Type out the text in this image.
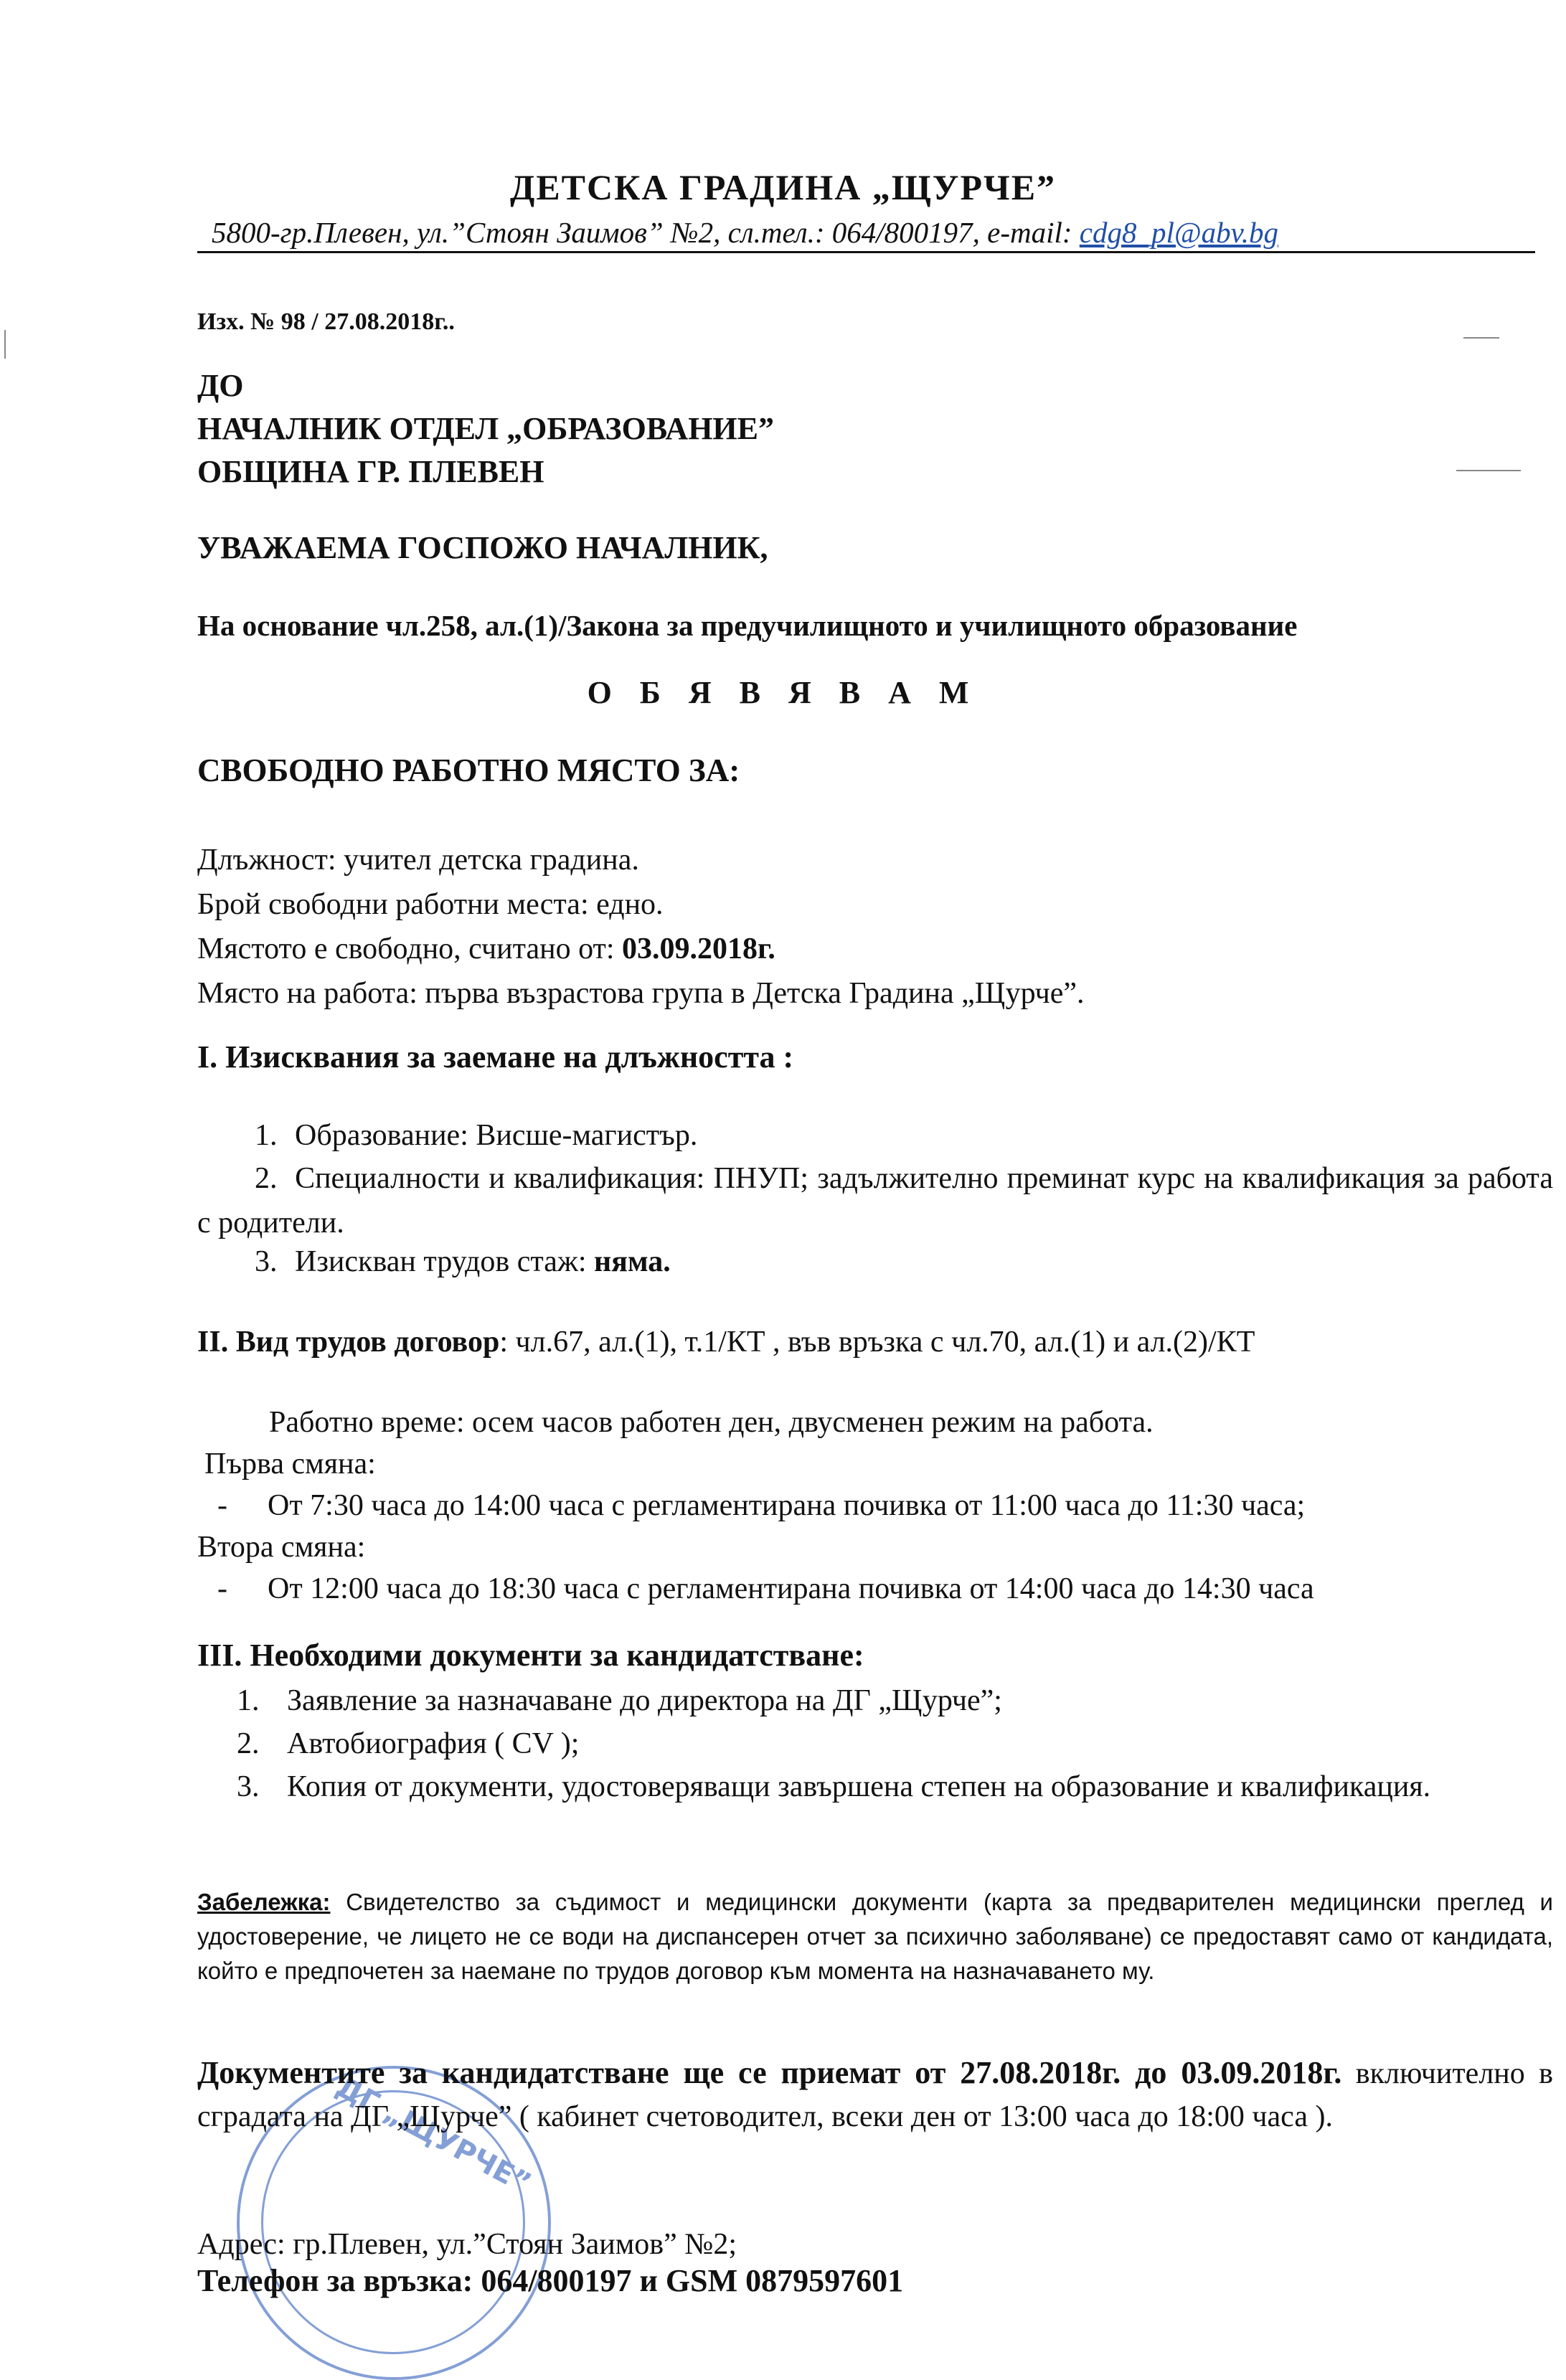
ДЕТСКА ГРАДИНА „ЩУРЧЕ”
5800-гр.Плевен, ул.”Стоян Заимов” №2, сл.тел.: 064/800197, e-mail: cdg8_pl@abv.bg
Изх. № 98 / 27.08.2018г..
ДО
НАЧАЛНИК ОТДЕЛ „ОБРАЗОВАНИЕ”
ОБЩИНА ГР. ПЛЕВЕН
УВАЖАЕМА ГОСПОЖО НАЧАЛНИК,
На основание чл.258, ал.(1)/Закона за предучилищното и училищното образование
О Б Я В Я В А М
СВОБОДНО РАБОТНО МЯСТО ЗА:
Длъжност: учител детска градина.
Брой свободни работни места: едно.
Мястото е свободно, считано от: 03.09.2018г.
Място на работа: първа възрастова група в Детска Градина „Щурче”.
I. Изисквания за заемане на длъжността :
1. Образование: Висше-магистър.
2.  Специалности и квалификация: ПНУП; задължително преминат курс на квалификация за работа с родители.
3. Изискван трудов стаж: няма.
II. Вид трудов договор: чл.67, ал.(1), т.1/КТ , във връзка с чл.70, ал.(1) и ал.(2)/КТ
Работно време: осем часов работен ден, двусменен режим на работа.
Първа смяна:
- От 7:30 часа до 14:00 часа с регламентирана почивка от 11:00 часа до 11:30 часа;
Втора смяна:
- От 12:00 часа до 18:30 часа с регламентирана почивка от 14:00 часа до 14:30 часа
III. Необходими документи за кандидатстване:
1. Заявление за назначаване до директора на ДГ „Щурче”;
2. Автобиография ( CV );
3. Копия от документи, удостоверяващи завършена степен на образование и квалификация.
Забележка: Свидетелство за съдимост и медицински документи (карта за предварителен медицински преглед и удостоверение, че лицето не се води на диспансерен отчет за психично заболяване) се предоставят само от кандидата, който е предпочетен за наемане по трудов договор към момента на назначаването му.
ДГ „ЩУРЧЕ”
Документите за кандидатстване ще се приемат от 27.08.2018г. до 03.09.2018г. включително в сградата на ДГ „Щурче” ( кабинет счетоводител, всеки ден от 13:00 часа до 18:00 часа ).
Адрес: гр.Плевен, ул.”Стоян Заимов” №2;
Телефон за връзка: 064/800197 и GSM 0879597601
